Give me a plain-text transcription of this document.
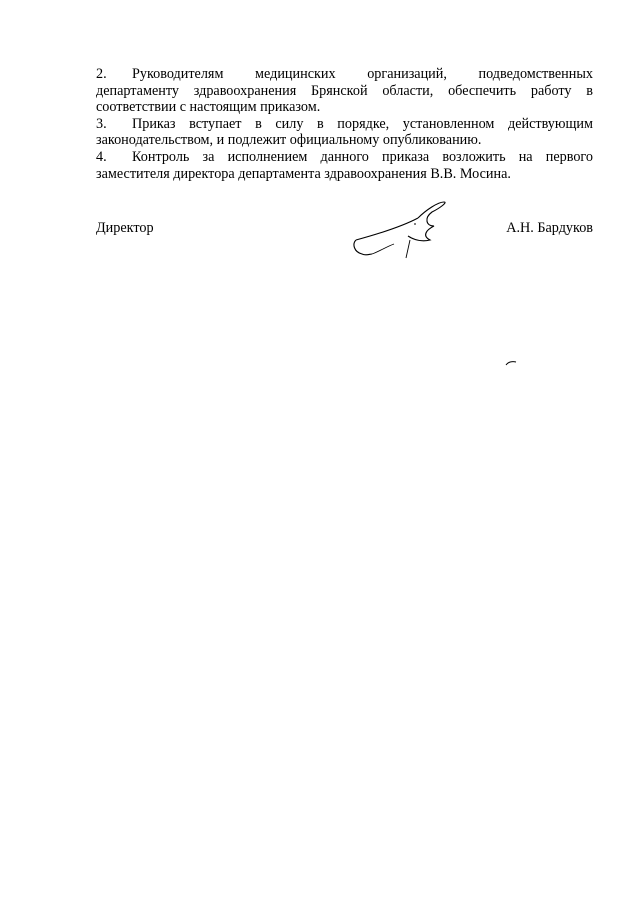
2. Руководителям медицинских организаций, подведомственных
департаменту здравоохранения Брянской области, обеспечить работу в
соответствии с настоящим приказом.
3. Приказ вступает в силу в порядке, установленном действующим
законодательством, и подлежит официальному опубликованию.
4. Контроль за исполнением данного приказа возложить на первого
заместителя директора департамента здравоохранения В.В. Мосина.
Директор	А.Н. Бардуков
